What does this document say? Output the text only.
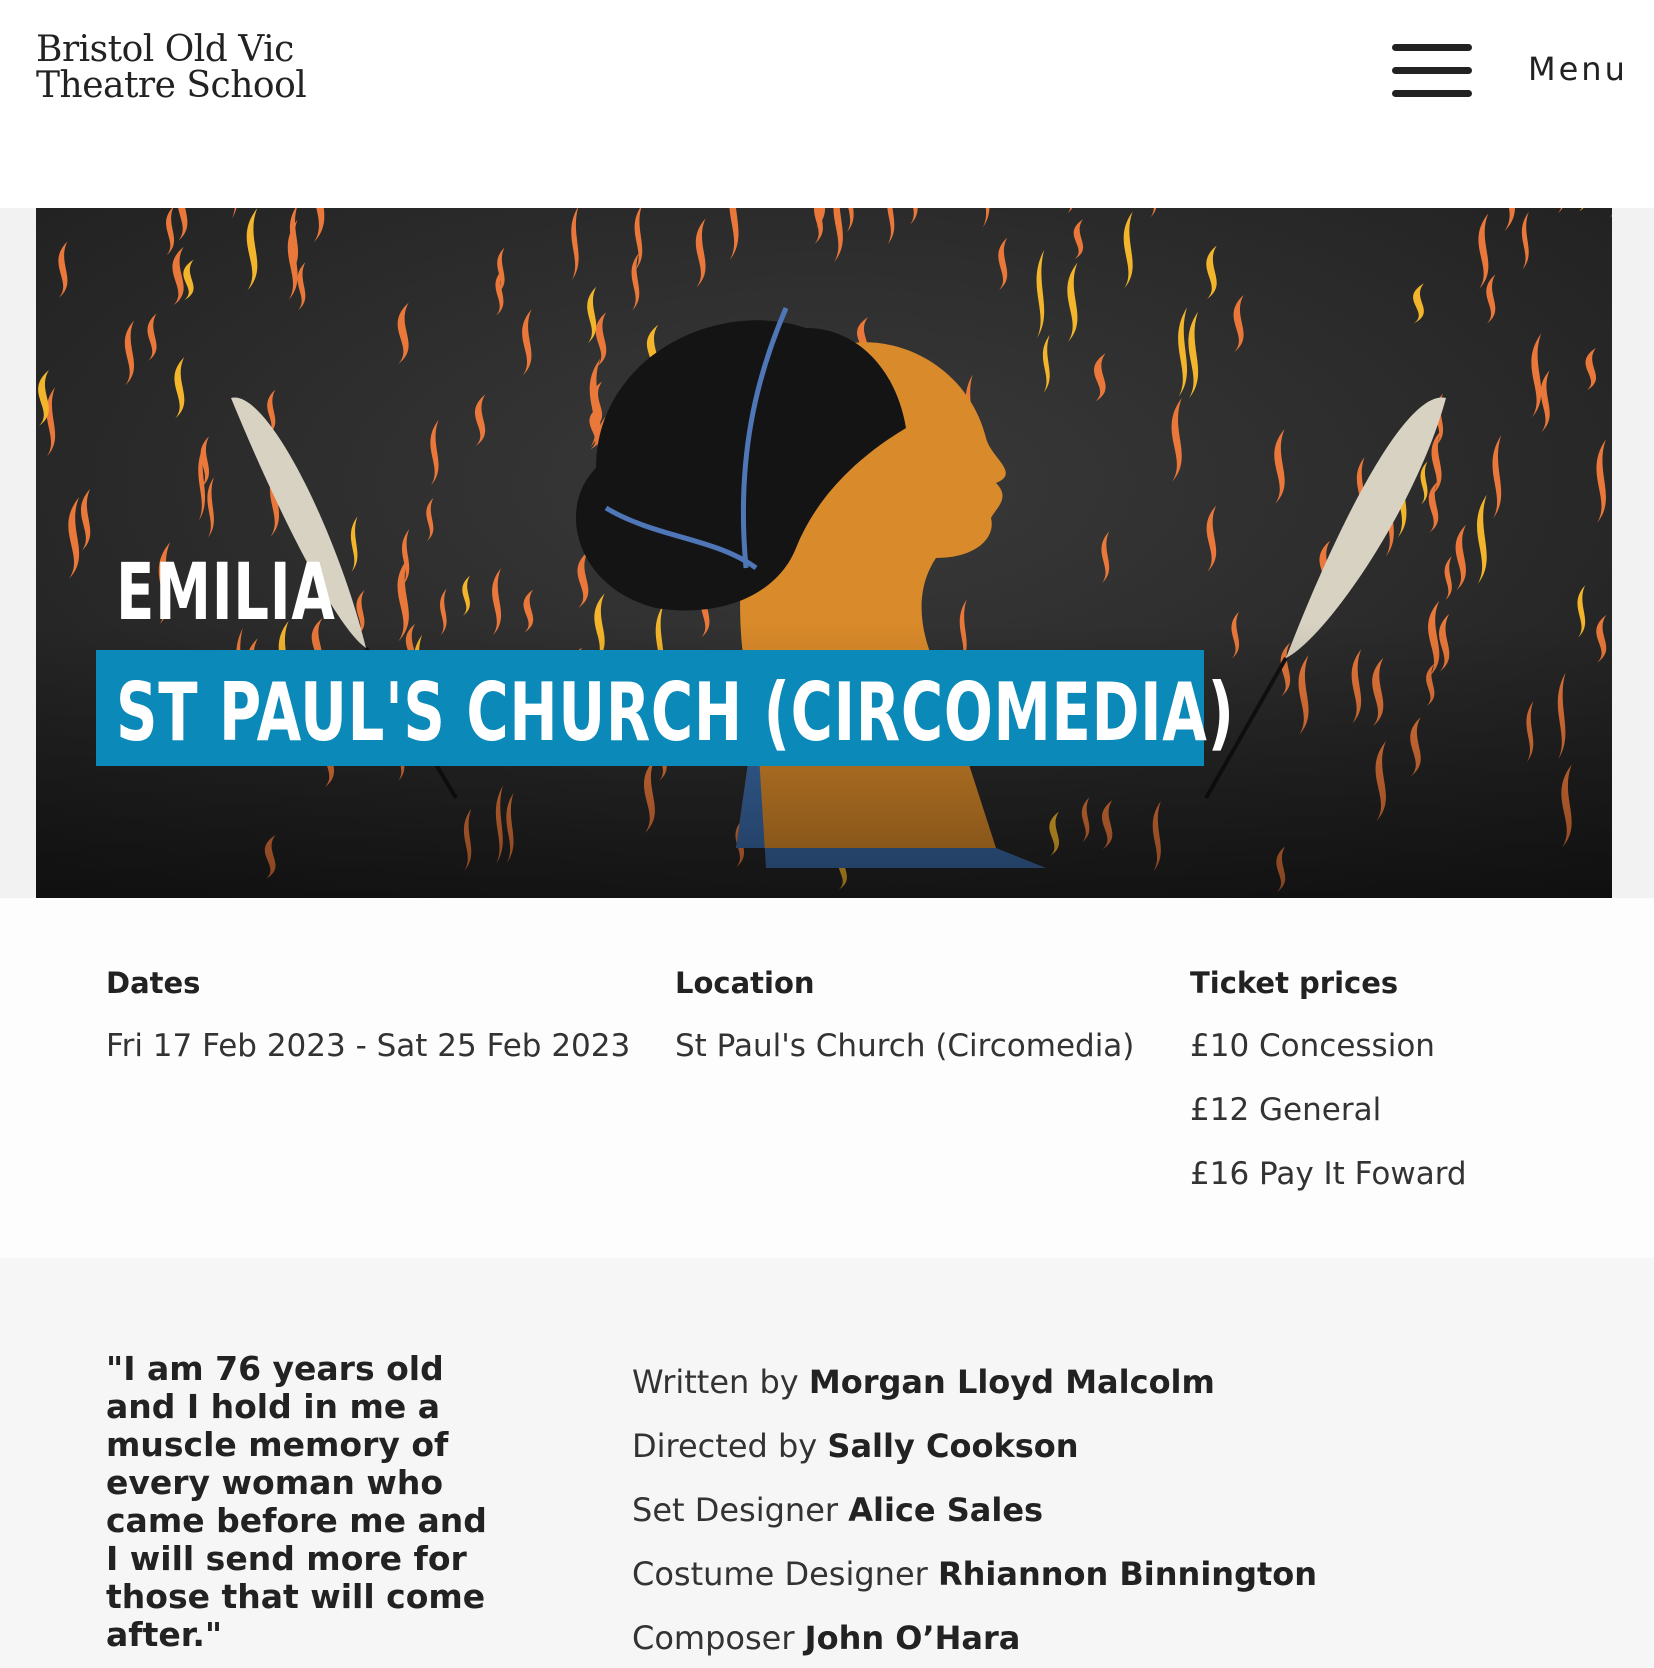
Bristol Old Vic
Theatre School	Menu
EMILIA
ST PAUL'S CHURCH (CIRCOMEDIA)
Dates

Fri 17 Feb 2023 - Sat 25 Feb 2023

Location

St Paul's Church (Circomedia)

Ticket prices

£10 Concession

£12 General

£16 Pay It Foward

"I am 76 years old and I hold in me a muscle memory of every woman who came before me and I will send more for those that will come after."
Written by Morgan Lloyd Malcolm
Directed by Sally Cookson
Set Designer Alice Sales
Costume Designer Rhiannon Binnington
Composer John O’Hara
